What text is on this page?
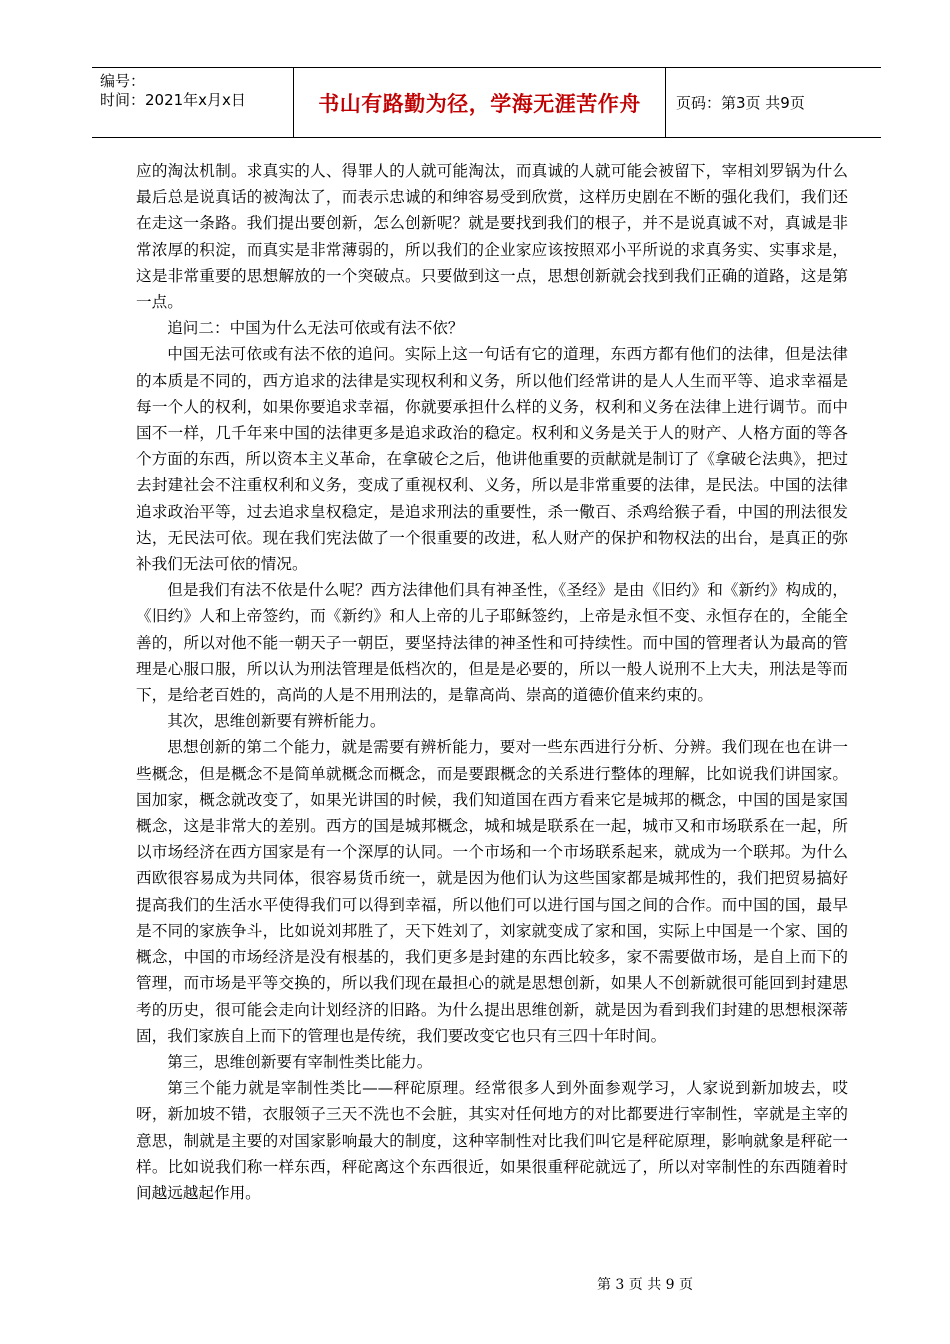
编号：
时间：2021年x月x日	书山有路勤为径，学海无涯苦作舟 页码：第3页 共9页

应的淘汰机制。求真实的人、得罪人的人就可能淘汰，而真诚的人就可能会被留下，宰相刘罗锅为什么最后总是说真话的被淘汰了，而表示忠诚的和绅容易受到欣赏，这样历史剧在不断的强化我们，我们还在走这一条路。我们提出要创新，怎么创新呢？就是要找到我们的根子，并不是说真诚不对，真诚是非常浓厚的积淀，而真实是非常薄弱的，所以我们的企业家应该按照邓小平所说的求真务实、实事求是，这是非常重要的思想解放的一个突破点。只要做到这一点，思想创新就会找到我们正确的道路，这是第一点。

追问二：中国为什么无法可依或有法不依？

中国无法可依或有法不依的追问。实际上这一句话有它的道理，东西方都有他们的法律，但是法律的本质是不同的，西方追求的法律是实现权利和义务，所以他们经常讲的是人人生而平等、追求幸福是每一个人的权利，如果你要追求幸福，你就要承担什么样的义务，权利和义务在法律上进行调节。而中国不一样，几千年来中国的法律更多是追求政治的稳定。权利和义务是关于人的财产、人格方面的等各个方面的东西，所以资本主义革命，在拿破仑之后，他讲他重要的贡献就是制订了《拿破仑法典》，把过去封建社会不注重权利和义务，变成了重视权利、义务，所以是非常重要的法律，是民法。中国的法律追求政治平等，过去追求皇权稳定，是追求刑法的重要性，杀一儆百、杀鸡给猴子看，中国的刑法很发达，无民法可依。现在我们宪法做了一个很重要的改进，私人财产的保护和物权法的出台，是真正的弥补我们无法可依的情况。

但是我们有法不依是什么呢？西方法律他们具有神圣性，《圣经》是由《旧约》和《新约》构成的，《旧约》人和上帝签约，而《新约》和人上帝的儿子耶稣签约，上帝是永恒不变、永恒存在的，全能全善的，所以对他不能一朝天子一朝臣，要坚持法律的神圣性和可持续性。而中国的管理者认为最高的管理是心服口服，所以认为刑法管理是低档次的，但是是必要的，所以一般人说刑不上大夫，刑法是等而下，是给老百姓的，高尚的人是不用刑法的，是靠高尚、崇高的道德价值来约束的。

其次，思维创新要有辨析能力。

思想创新的第二个能力，就是需要有辨析能力，要对一些东西进行分析、分辨。我们现在也在讲一些概念，但是概念不是简单就概念而概念，而是要跟概念的关系进行整体的理解，比如说我们讲国家。国加家，概念就改变了，如果光讲国的时候，我们知道国在西方看来它是城邦的概念，中国的国是家国概念，这是非常大的差别。西方的国是城邦概念，城和城是联系在一起，城市又和市场联系在一起，所以市场经济在西方国家是有一个深厚的认同。一个市场和一个市场联系起来，就成为一个联邦。为什么西欧很容易成为共同体，很容易货币统一，就是因为他们认为这些国家都是城邦性的，我们把贸易搞好提高我们的生活水平使得我们可以得到幸福，所以他们可以进行国与国之间的合作。而中国的国，最早是不同的家族争斗，比如说刘邦胜了，天下姓刘了，刘家就变成了家和国，实际上中国是一个家、国的概念，中国的市场经济是没有根基的，我们更多是封建的东西比较多，家不需要做市场，是自上而下的管理，而市场是平等交换的，所以我们现在最担心的就是思想创新，如果人不创新就很可能回到封建思考的历史，很可能会走向计划经济的旧路。为什么提出思维创新，就是因为看到我们封建的思想根深蒂固，我们家族自上而下的管理也是传统，我们要改变它也只有三四十年时间。

第三，思维创新要有宰制性类比能力。

第三个能力就是宰制性类比——秤砣原理。经常很多人到外面参观学习，人家说到新加坡去，哎呀，新加坡不错，衣服领子三天不洗也不会脏，其实对任何地方的对比都要进行宰制性，宰就是主宰的意思，制就是主要的对国家影响最大的制度，这种宰制性对比我们叫它是秤砣原理，影响就象是秤砣一样。比如说我们称一样东西，秤砣离这个东西很近，如果很重秤砣就远了，所以对宰制性的东西随着时间越远越起作用。

第 3 页 共 9 页
